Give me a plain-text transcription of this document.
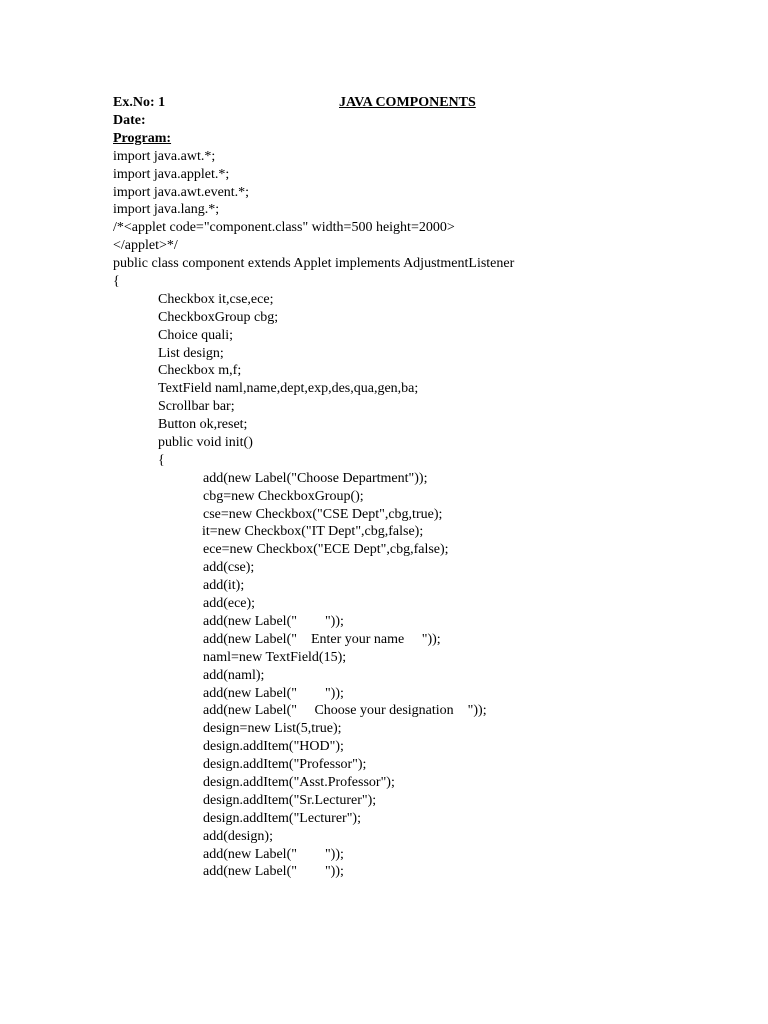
Ex.No: 1	JAVA COMPONENTS
Date:
Program:
import java.awt.*;
import java.applet.*;
import java.awt.event.*;
import java.lang.*;
/*<applet code="component.class" width=500 height=2000>
</applet>*/
public class component extends Applet implements AdjustmentListener
{
Checkbox it,cse,ece;
CheckboxGroup cbg;
Choice quali;
List design;
Checkbox m,f;
TextField naml,name,dept,exp,des,qua,gen,ba;
Scrollbar bar;
Button ok,reset;
public void init()
{
add(new Label("Choose Department"));
cbg=new CheckboxGroup();
cse=new Checkbox("CSE Dept",cbg,true);
it=new Checkbox("IT Dept",cbg,false);
ece=new Checkbox("ECE Dept",cbg,false);
add(cse);
add(it);
add(ece);
add(new Label("        "));
add(new Label("    Enter your name     "));
naml=new TextField(15);
add(naml);
add(new Label("        "));
add(new Label("     Choose your designation    "));
design=new List(5,true);
design.addItem("HOD");
design.addItem("Professor");
design.addItem("Asst.Professor");
design.addItem("Sr.Lecturer");
design.addItem("Lecturer");
add(design);
add(new Label("        "));
add(new Label("        "));
